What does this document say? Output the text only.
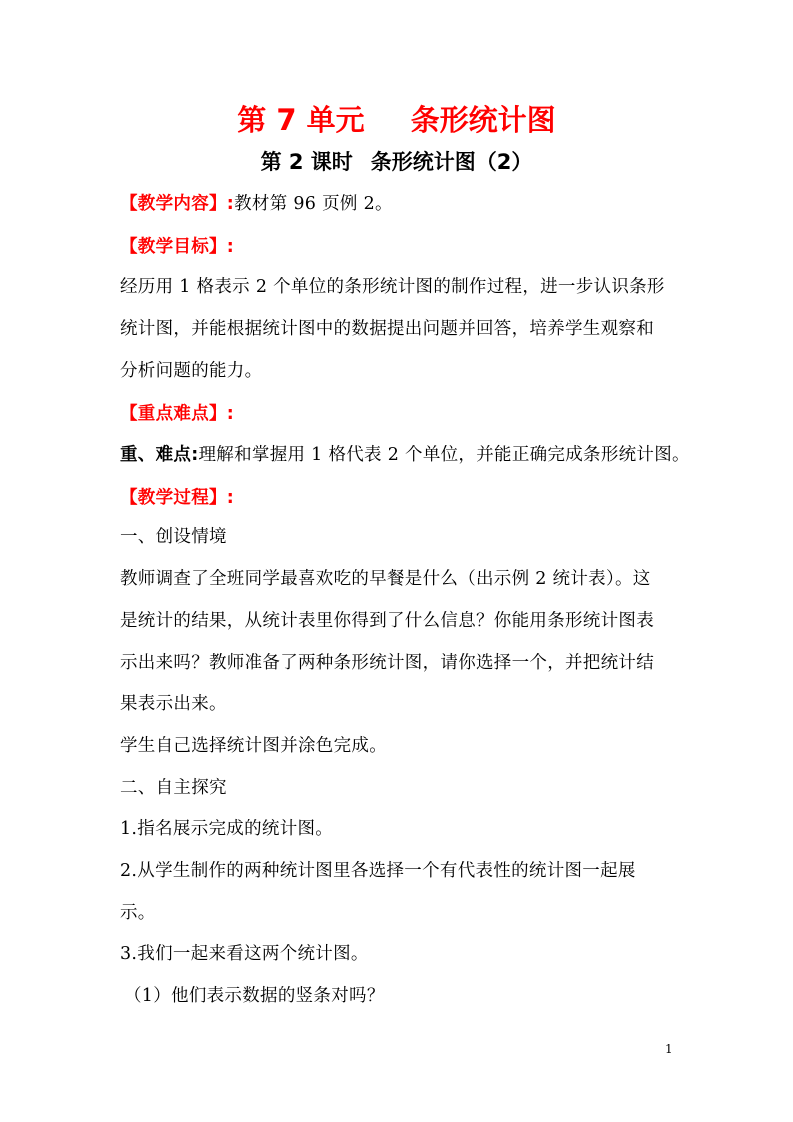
第 7 单元 条形统计图
第 2 课时 条形统计图（2）
【教学内容】:教材第 96 页例 2。
【教学目标】:
经历用 1 格表示 2 个单位的条形统计图的制作过程，进一步认识条形
统计图，并能根据统计图中的数据提出问题并回答，培养学生观察和
分析问题的能力。
【重点难点】:
重、难点:理解和掌握用 1 格代表 2 个单位，并能正确完成条形统计图。
【教学过程】:
一、创设情境
教师调查了全班同学最喜欢吃的早餐是什么（出示例 2 统计表）。这
是统计的结果，从统计表里你得到了什么信息？你能用条形统计图表
示出来吗？教师准备了两种条形统计图，请你选择一个，并把统计结
果表示出来。
学生自己选择统计图并涂色完成。
二、自主探究
1.指名展示完成的统计图。
2.从学生制作的两种统计图里各选择一个有代表性的统计图一起展
示。
3.我们一起来看这两个统计图。
（1）他们表示数据的竖条对吗？
1
